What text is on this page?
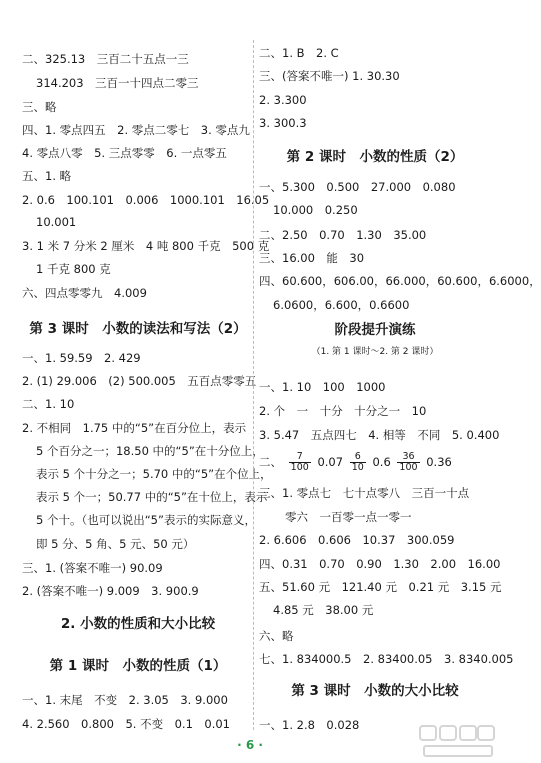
二、325.13　三百二十五点一三
314.203　三百一十四点二零三
三、略
四、1. 零点四五　2. 零点二零七　3. 零点九
4. 零点八零　5. 三点零零　6. 一点零五
五、1. 略
2. 0.6　100.101　0.006　1000.101　16.05
10.001
3. 1 米 7 分米 2 厘米　4 吨 800 千克　500 克
1 千克 800 克
六、四点零零九　4.009
第 3 课时　小数的读法和写法（2）
一、1. 59.59　2. 429
2. (1) 29.006　(2) 500.005　五百点零零五
二、1. 10
2. 不相同　1.75 中的“5”在百分位上，表示
5 个百分之一；18.50 中的“5”在十分位上，
表示 5 个十分之一；5.70 中的“5”在个位上，
表示 5 个一；50.77 中的“5”在十位上，表示
5 个十。（也可以说出“5”表示的实际意义，
即 5 分、5 角、5 元、50 元）
三、1. (答案不唯一) 90.09
2. (答案不唯一) 9.009　3. 900.9
2. 小数的性质和大小比较
第 1 课时　小数的性质（1）
一、1. 末尾　不变　2. 3.05　3. 9.000
4. 2.560　0.800　5. 不变　0.1　0.01
二、1. B　2. C
三、(答案不唯一) 1. 30.30
2. 3.300
3. 300.3
第 2 课时　小数的性质（2）
一、5.300　0.500　27.000　0.080
10.000　0.250
二、2.50　0.70　1.30　35.00
三、16.00　能　30
四、60.600，606.00，66.000，60.600，6.6000，
6.0600，6.600，0.6600
阶段提升演练
（1. 第 1 课时～2. 第 2 课时）
一、1. 10　100　1000
2. 个　一　十分　十分之一　10
3. 5.47　五点四七　4. 相等　不同　5. 0.400
二、 $\frac{7}{100} 0.07 \frac{6}{10} 0.6 \frac{36}{100} 0.36$
三、1. 零点七　七十点零八　三百一十点
零六　一百零一点一零一
2. 6.606　0.606　10.37　300.059
四、0.31　0.70　0.90　1.30　2.00　16.00
五、51.60 元　121.40 元　0.21 元　3.15 元
4.85 元　38.00 元
六、略
七、1. 834000.5　2. 83400.05　3. 8340.005
第 3 课时　小数的大小比较
一、1. 2.8　0.028
· 6 ·
